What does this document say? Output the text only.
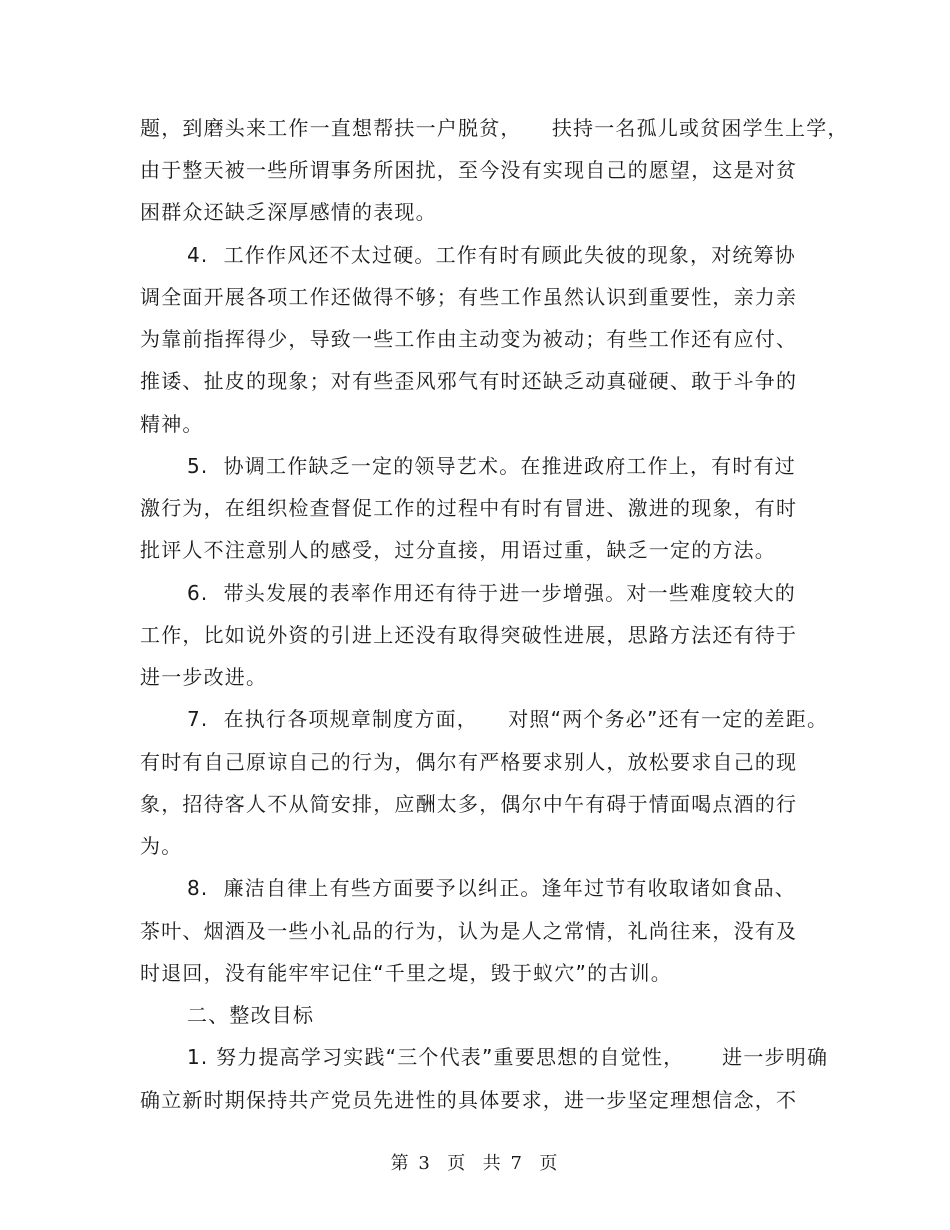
题，到磨头来工作一直想帮扶一户脱贫，    扶持一名孤儿或贫困学生上学，
由于整天被一些所谓事务所困扰，至今没有实现自己的愿望，这是对贫
困群众还缺乏深厚感情的表现。
4.  工作作风还不太过硬。工作有时有顾此失彼的现象，对统筹协
调全面开展各项工作还做得不够；有些工作虽然认识到重要性，亲力亲
为靠前指挥得少，导致一些工作由主动变为被动；有些工作还有应付、
推诿、扯皮的现象；对有些歪风邪气有时还缺乏动真碰硬、敢于斗争的
精神。
5.  协调工作缺乏一定的领导艺术。在推进政府工作上，有时有过
激行为，在组织检查督促工作的过程中有时有冒进、激进的现象，有时
批评人不注意别人的感受，过分直接，用语过重，缺乏一定的方法。
6.  带头发展的表率作用还有待于进一步增强。对一些难度较大的
工作，比如说外资的引进上还没有取得突破性进展，思路方法还有待于
进一步改进。
7.  在执行各项规章制度方面，    对照“两个务必”还有一定的差距。
有时有自己原谅自己的行为，偶尔有严格要求别人，放松要求自己的现
象，招待客人不从简安排，应酬太多，偶尔中午有碍于情面喝点酒的行
为。
8.  廉洁自律上有些方面要予以纠正。逢年过节有收取诸如食品、
茶叶、烟酒及一些小礼品的行为，认为是人之常情，礼尚往来，没有及
时退回，没有能牢牢记住“千里之堤，毁于蚁穴”的古训。
二、整改目标
1. 努力提高学习实践“三个代表”重要思想的自觉性，     进一步明确
确立新时期保持共产党员先进性的具体要求，进一步坚定理想信念，不
第 3  页  共 7  页
